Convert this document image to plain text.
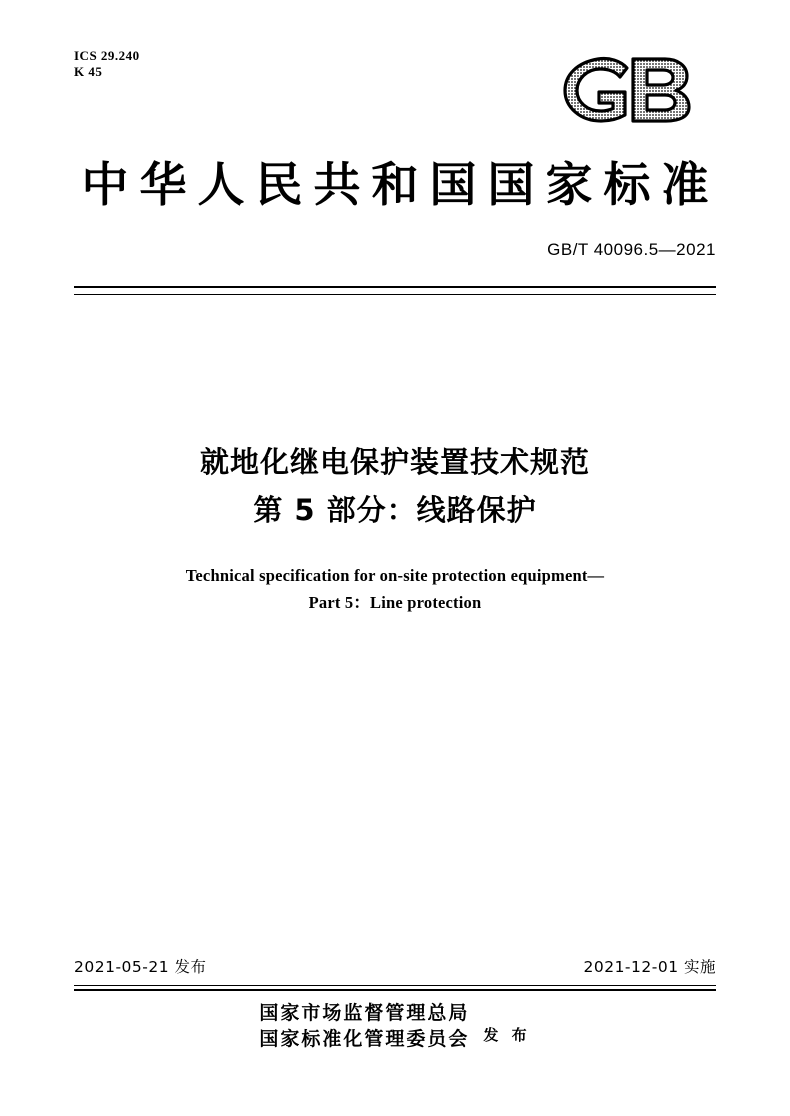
ICS 29.240
K 45
中华人民共和国国家标准
GB/T 40096.5—2021
就地化继电保护装置技术规范
第 5 部分：线路保护
Technical specification for on-site protection equipment—
Part 5：Line protection
2021-05-21 发布	2021-12-01 实施
国家市场监督管理总局
国家标准化管理委员会 发 布
